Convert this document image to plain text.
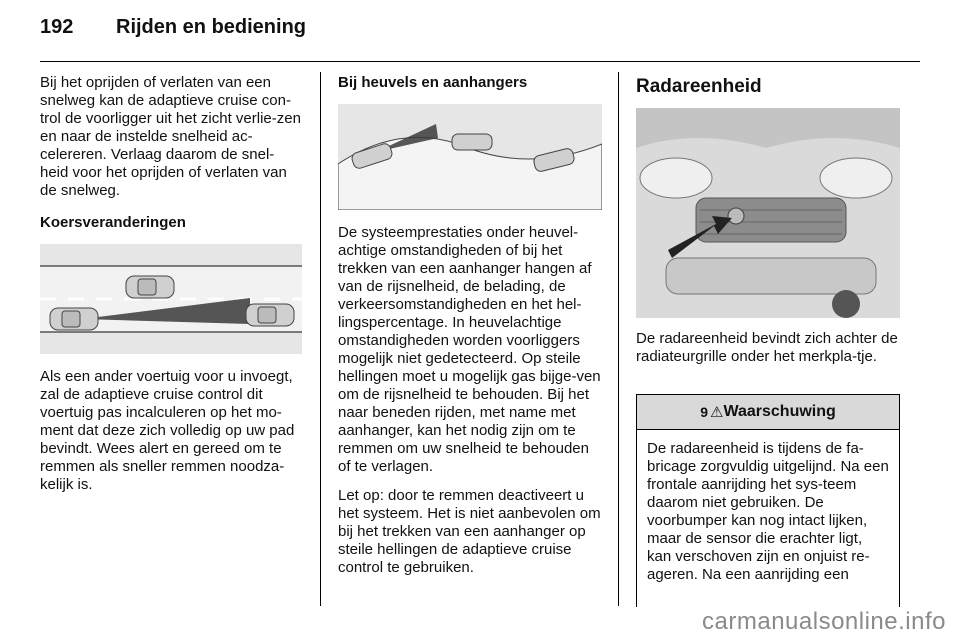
192	Rijden en bediening

Bij het oprijden of verlaten van een snelweg kan de adaptieve cruise con-trol de voorligger uit het zicht verlie-zen en naar de instelde snelheid ac-celereren. Verlaag daarom de snel-heid voor het oprijden of verlaten van de snelweg.

Koersveranderingen

Als een ander voertuig voor u invoegt, zal de adaptieve cruise control dit voertuig pas incalculeren op het mo-ment dat deze zich volledig op uw pad bevindt. Wees alert en gereed om te remmen als sneller remmen noodza-kelijk is.

Bij heuvels en aanhangers

De systeemprestaties onder heuvel-achtige omstandigheden of bij het trekken van een aanhanger hangen af van de rijsnelheid, de belading, de verkeersomstandigheden en het hel-lingspercentage. In heuvelachtige omstandigheden worden voorliggers mogelijk niet gedetecteerd. Op steile hellingen moet u mogelijk gas bijge-ven om de rijsnelheid te behouden. Bij het naar beneden rijden, met name met aanhanger, kan het nodig zijn om te remmen om uw snelheid te behouden of te verlagen.

Let op: door te remmen deactiveert u het systeem. Het is niet aanbevolen om bij het trekken van een aanhanger op steile hellingen de adaptieve cruise control te gebruiken.

Radareenheid

De radareenheid bevindt zich achter de radiateurgrille onder het merkpla-tje.

9 ⚠ Waarschuwing
De radareenheid is tijdens de fa-bricage zorgvuldig uitgelijnd. Na een frontale aanrijding het sys-teem daarom niet gebruiken. De voorbumper kan nog intact lijken, maar de sensor die erachter ligt, kan verschoven zijn en onjuist re-ageren. Na een aanrijding een
carmanualsonline.info
